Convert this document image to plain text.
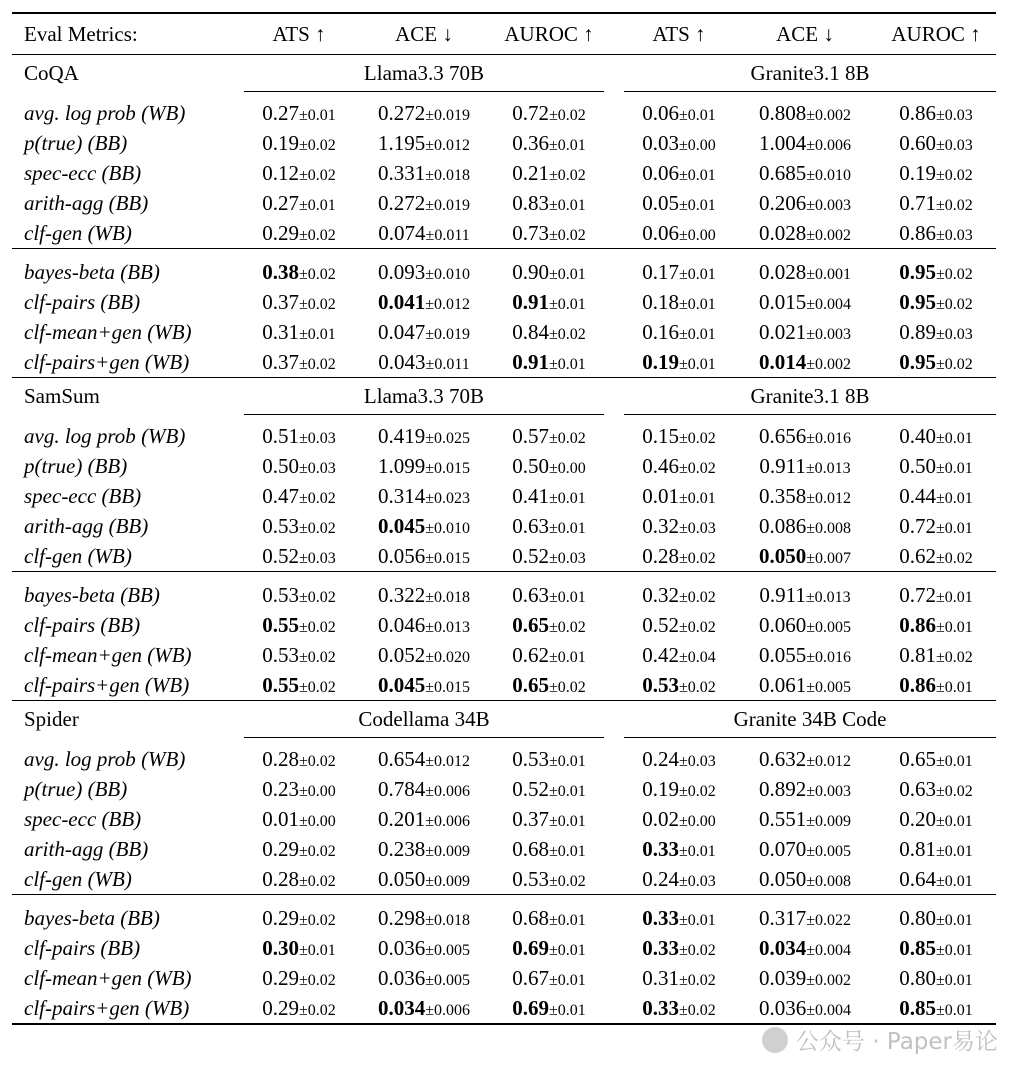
Eval Metrics:	ATS ↑	ACE ↓	AUROC ↑		ATS ↑	ACE ↓	AUROC ↑
CoQA	Llama3.3 70B				Granite3.1 8B		

avg. log prob (WB)	0.27±0.01	0.272±0.019	0.72±0.02		0.06±0.01	0.808±0.002	0.86±0.03
p(true) (BB)	0.19±0.02	1.195±0.012	0.36±0.01		0.03±0.00	1.004±0.006	0.60±0.03
spec-ecc (BB)	0.12±0.02	0.331±0.018	0.21±0.02		0.06±0.01	0.685±0.010	0.19±0.02
arith-agg (BB)	0.27±0.01	0.272±0.019	0.83±0.01		0.05±0.01	0.206±0.003	0.71±0.02
clf-gen (WB)	0.29±0.02	0.074±0.011	0.73±0.02		0.06±0.00	0.028±0.002	0.86±0.03

bayes-beta (BB)	0.38±0.02	0.093±0.010	0.90±0.01		0.17±0.01	0.028±0.001	0.95±0.02
clf-pairs (BB)	0.37±0.02	0.041±0.012	0.91±0.01		0.18±0.01	0.015±0.004	0.95±0.02
clf-mean+gen (WB)	0.31±0.01	0.047±0.019	0.84±0.02		0.16±0.01	0.021±0.003	0.89±0.03
clf-pairs+gen (WB)	0.37±0.02	0.043±0.011	0.91±0.01		0.19±0.01	0.014±0.002	0.95±0.02
SamSum	Llama3.3 70B				Granite3.1 8B		

avg. log prob (WB)	0.51±0.03	0.419±0.025	0.57±0.02		0.15±0.02	0.656±0.016	0.40±0.01
p(true) (BB)	0.50±0.03	1.099±0.015	0.50±0.00		0.46±0.02	0.911±0.013	0.50±0.01
spec-ecc (BB)	0.47±0.02	0.314±0.023	0.41±0.01		0.01±0.01	0.358±0.012	0.44±0.01
arith-agg (BB)	0.53±0.02	0.045±0.010	0.63±0.01		0.32±0.03	0.086±0.008	0.72±0.01
clf-gen (WB)	0.52±0.03	0.056±0.015	0.52±0.03		0.28±0.02	0.050±0.007	0.62±0.02

bayes-beta (BB)	0.53±0.02	0.322±0.018	0.63±0.01		0.32±0.02	0.911±0.013	0.72±0.01
clf-pairs (BB)	0.55±0.02	0.046±0.013	0.65±0.02		0.52±0.02	0.060±0.005	0.86±0.01
clf-mean+gen (WB)	0.53±0.02	0.052±0.020	0.62±0.01		0.42±0.04	0.055±0.016	0.81±0.02
clf-pairs+gen (WB)	0.55±0.02	0.045±0.015	0.65±0.02		0.53±0.02	0.061±0.005	0.86±0.01
Spider	Codellama 34B				Granite 34B Code		

avg. log prob (WB)	0.28±0.02	0.654±0.012	0.53±0.01		0.24±0.03	0.632±0.012	0.65±0.01
p(true) (BB)	0.23±0.00	0.784±0.006	0.52±0.01		0.19±0.02	0.892±0.003	0.63±0.02
spec-ecc (BB)	0.01±0.00	0.201±0.006	0.37±0.01		0.02±0.00	0.551±0.009	0.20±0.01
arith-agg (BB)	0.29±0.02	0.238±0.009	0.68±0.01		0.33±0.01	0.070±0.005	0.81±0.01
clf-gen (WB)	0.28±0.02	0.050±0.009	0.53±0.02		0.24±0.03	0.050±0.008	0.64±0.01

bayes-beta (BB)	0.29±0.02	0.298±0.018	0.68±0.01		0.33±0.01	0.317±0.022	0.80±0.01
clf-pairs (BB)	0.30±0.01	0.036±0.005	0.69±0.01		0.33±0.02	0.034±0.004	0.85±0.01
clf-mean+gen (WB)	0.29±0.02	0.036±0.005	0.67±0.01		0.31±0.02	0.039±0.002	0.80±0.01
clf-pairs+gen (WB)	0.29±0.02	0.034±0.006	0.69±0.01		0.33±0.02	0.036±0.004	0.85±0.01
公众号 · Paper易论
